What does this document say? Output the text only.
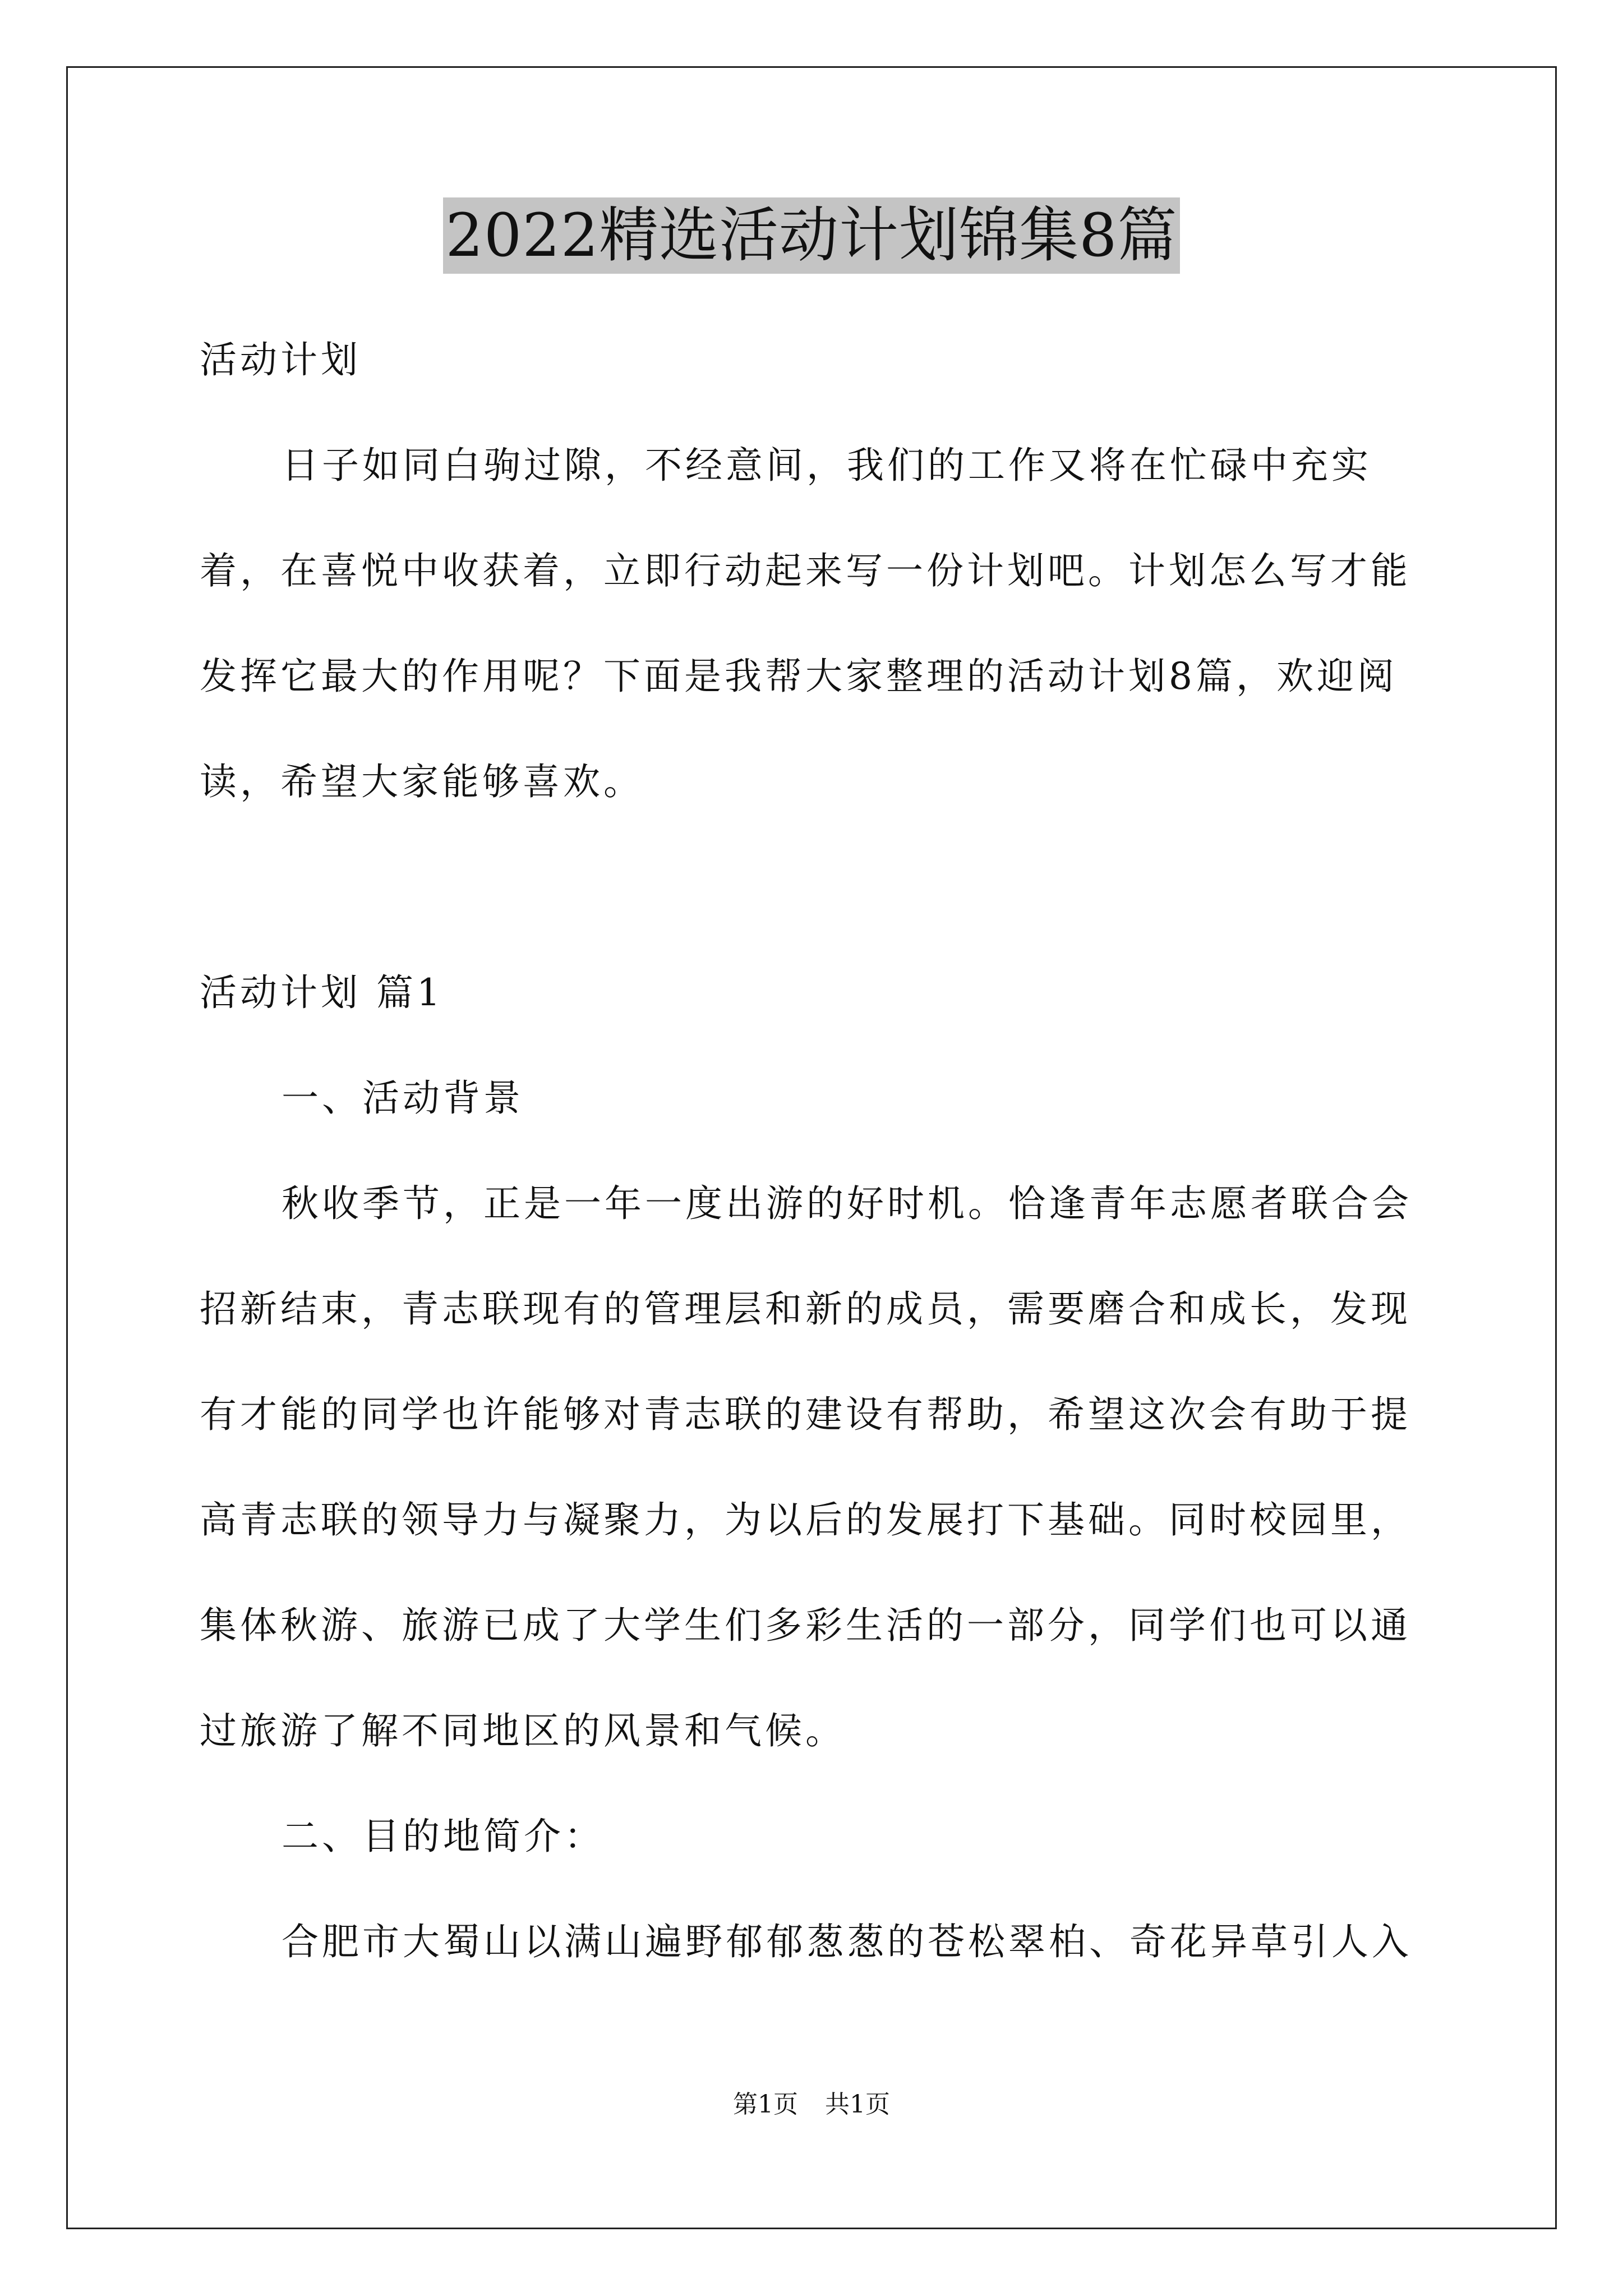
2022精选活动计划锦集8篇

活动计划

日子如同白驹过隙，不经意间，我们的工作又将在忙碌中充实着，在喜悦中收获着，立即行动起来写一份计划吧。计划怎么写才能发挥它最大的作用呢？下面是我帮大家整理的活动计划8篇，欢迎阅读，希望大家能够喜欢。

活动计划 篇1

一、活动背景

秋收季节，正是一年一度出游的好时机。恰逢青年志愿者联合会招新结束，青志联现有的管理层和新的成员，需要磨合和成长，发现有才能的同学也许能够对青志联的建设有帮助，希望这次会有助于提高青志联的领导力与凝聚力，为以后的发展打下基础。同时校园里，集体秋游、旅游已成了大学生们多彩生活的一部分，同学们也可以通过旅游了解不同地区的风景和气候。

二、目的地简介：

合肥市大蜀山以满山遍野郁郁葱葱的苍松翠柏、奇花异草引人入

第1页 共1页
